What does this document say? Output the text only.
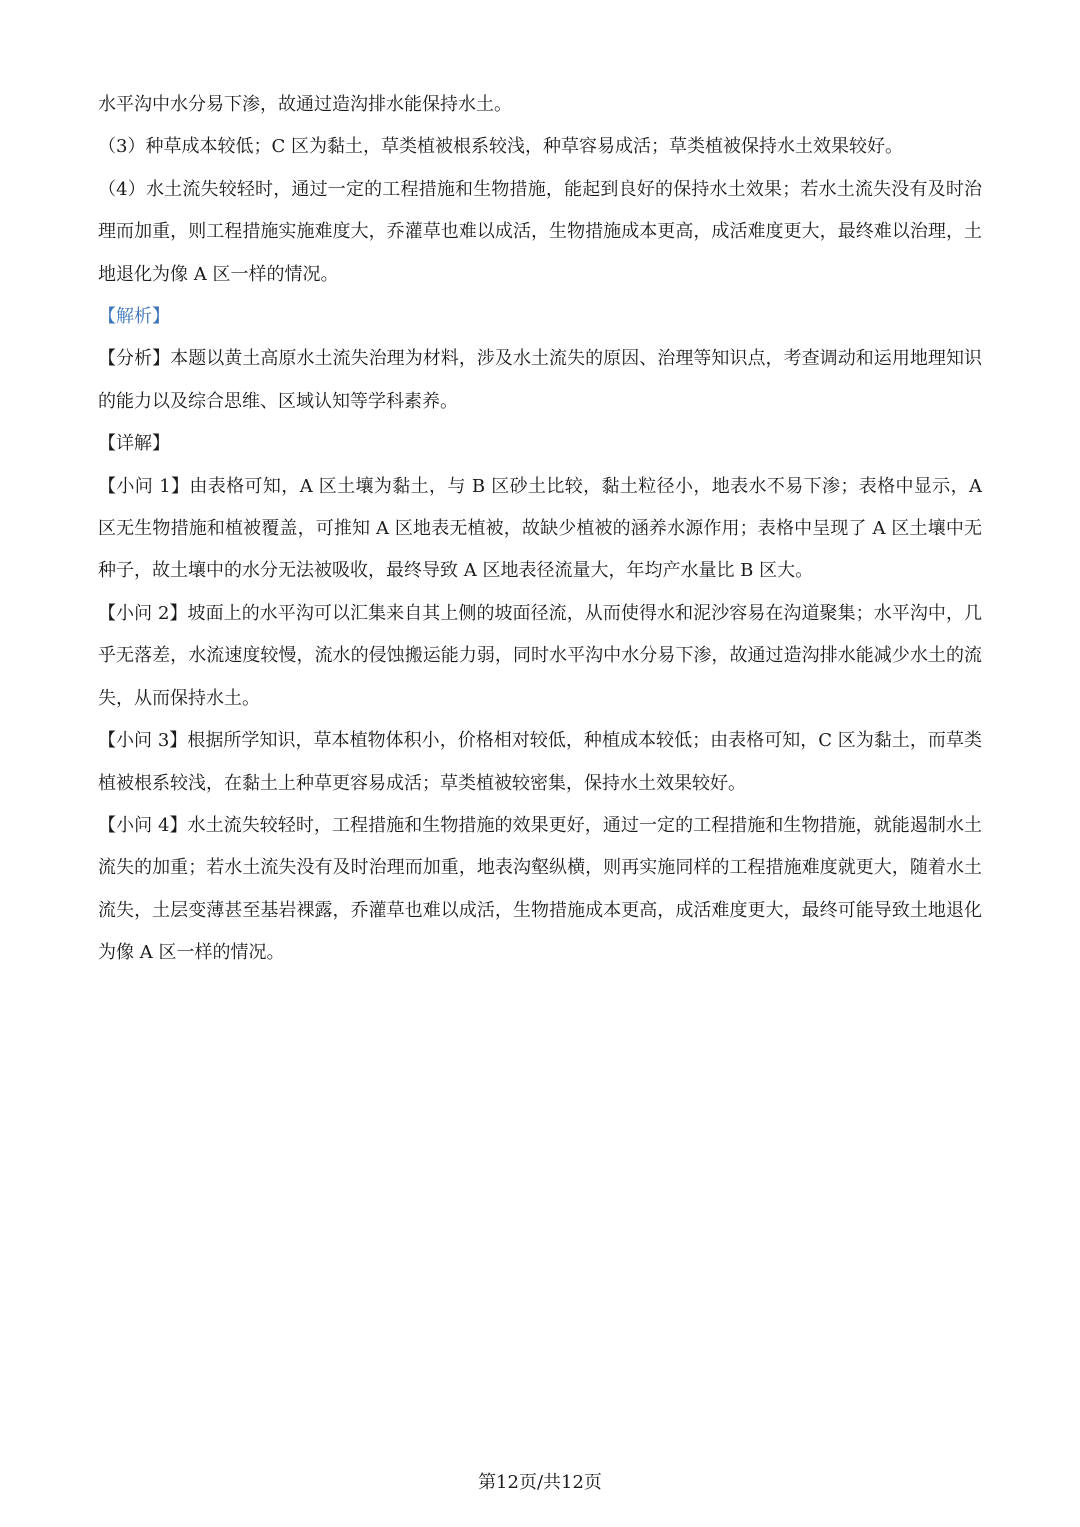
水平沟中水分易下渗，故通过造沟排水能保持水土。

（3）种草成本较低；C 区为黏土，草类植被根系较浅，种草容易成活；草类植被保持水土效果较好。

（4）水土流失较轻时，通过一定的工程措施和生物措施，能起到良好的保持水土效果；若水土流失没有及时治理而加重，则工程措施实施难度大，乔灌草也难以成活，生物措施成本更高，成活难度更大，最终难以治理，土地退化为像 A 区一样的情况。

【解析】

【分析】本题以黄土高原水土流失治理为材料，涉及水土流失的原因、治理等知识点，考查调动和运用地理知识的能力以及综合思维、区域认知等学科素养。

【详解】

【小问 1】由表格可知，A 区土壤为黏土，与 B 区砂土比较，黏土粒径小，地表水不易下渗；表格中显示，A 区无生物措施和植被覆盖，可推知 A 区地表无植被，故缺少植被的涵养水源作用；表格中呈现了 A 区土壤中无种子，故土壤中的水分无法被吸收，最终导致 A 区地表径流量大，年均产水量比 B 区大。

【小问 2】坡面上的水平沟可以汇集来自其上侧的坡面径流，从而使得水和泥沙容易在沟道聚集；水平沟中，几乎无落差，水流速度较慢，流水的侵蚀搬运能力弱，同时水平沟中水分易下渗，故通过造沟排水能减少水土的流失，从而保持水土。

【小问 3】根据所学知识，草本植物体积小，价格相对较低，种植成本较低；由表格可知，C 区为黏土，而草类植被根系较浅，在黏土上种草更容易成活；草类植被较密集，保持水土效果较好。

【小问 4】水土流失较轻时，工程措施和生物措施的效果更好，通过一定的工程措施和生物措施，就能遏制水土流失的加重；若水土流失没有及时治理而加重，地表沟壑纵横，则再实施同样的工程措施难度就更大，随着水土流失，土层变薄甚至基岩裸露，乔灌草也难以成活，生物措施成本更高，成活难度更大，最终可能导致土地退化为像 A 区一样的情况。

第12页/共12页
